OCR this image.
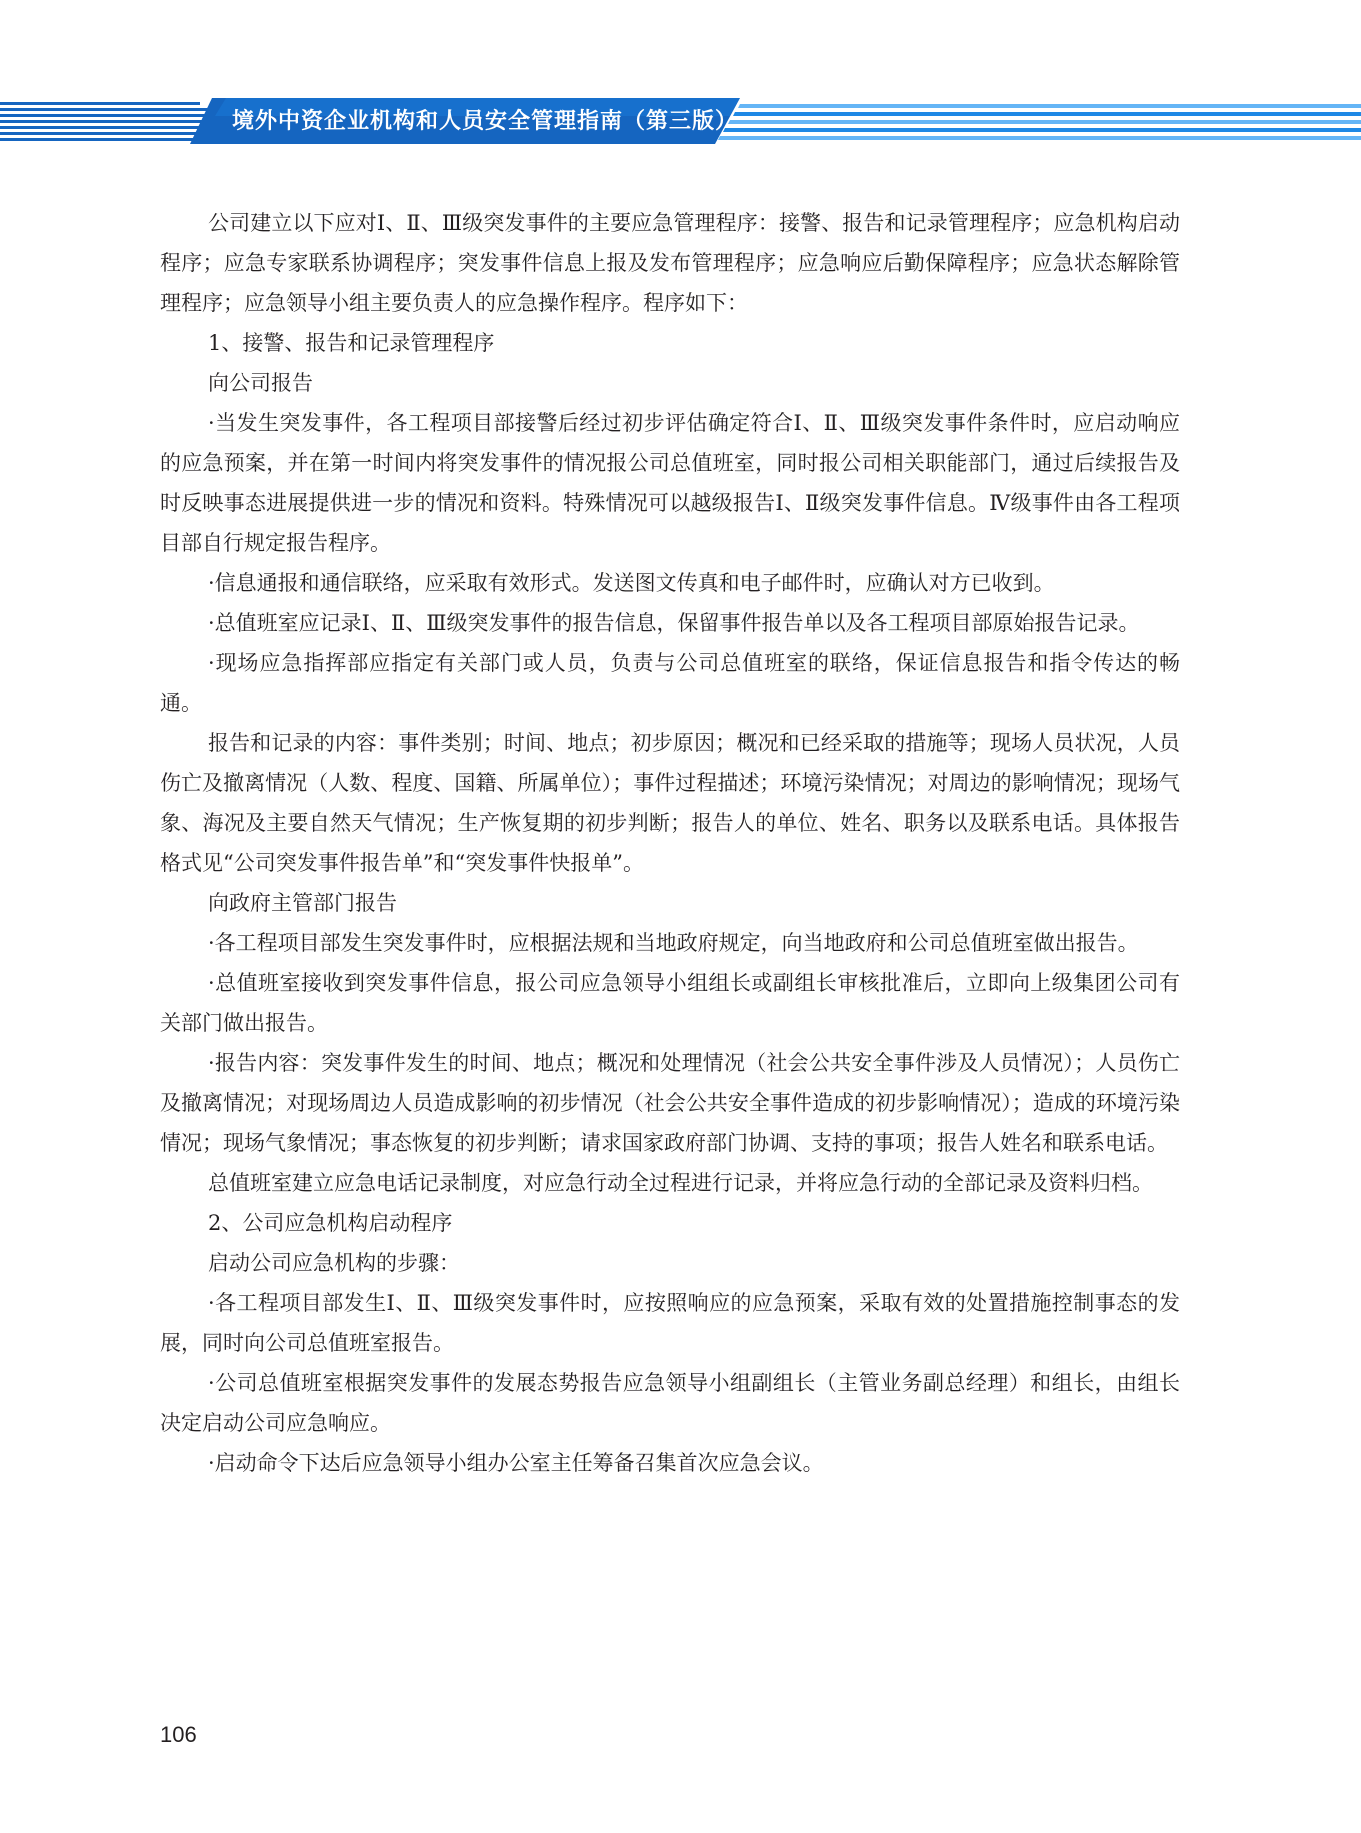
境外中资企业机构和人员安全管理指南（第三版）

公司建立以下应对Ⅰ、Ⅱ、Ⅲ级突发事件的主要应急管理程序：接警、报告和记录管理程序；应急机构启动程序；应急专家联系协调程序；突发事件信息上报及发布管理程序；应急响应后勤保障程序；应急状态解除管理程序；应急领导小组主要负责人的应急操作程序。程序如下：

1、接警、报告和记录管理程序

向公司报告

·当发生突发事件，各工程项目部接警后经过初步评估确定符合Ⅰ、Ⅱ、Ⅲ级突发事件条件时，应启动响应的应急预案，并在第一时间内将突发事件的情况报公司总值班室，同时报公司相关职能部门，通过后续报告及时反映事态进展提供进一步的情况和资料。特殊情况可以越级报告Ⅰ、Ⅱ级突发事件信息。Ⅳ级事件由各工程项目部自行规定报告程序。

·信息通报和通信联络，应采取有效形式。发送图文传真和电子邮件时，应确认对方已收到。

·总值班室应记录Ⅰ、Ⅱ、Ⅲ级突发事件的报告信息，保留事件报告单以及各工程项目部原始报告记录。

·现场应急指挥部应指定有关部门或人员，负责与公司总值班室的联络，保证信息报告和指令传达的畅通。

报告和记录的内容：事件类别；时间、地点；初步原因；概况和已经采取的措施等；现场人员状况，人员伤亡及撤离情况（人数、程度、国籍、所属单位）；事件过程描述；环境污染情况；对周边的影响情况；现场气象、海况及主要自然天气情况；生产恢复期的初步判断；报告人的单位、姓名、职务以及联系电话。具体报告格式见“公司突发事件报告单”和“突发事件快报单”。

向政府主管部门报告

·各工程项目部发生突发事件时，应根据法规和当地政府规定，向当地政府和公司总值班室做出报告。

·总值班室接收到突发事件信息，报公司应急领导小组组长或副组长审核批准后，立即向上级集团公司有关部门做出报告。

·报告内容：突发事件发生的时间、地点；概况和处理情况（社会公共安全事件涉及人员情况）；人员伤亡及撤离情况；对现场周边人员造成影响的初步情况（社会公共安全事件造成的初步影响情况）；造成的环境污染情况；现场气象情况；事态恢复的初步判断；请求国家政府部门协调、支持的事项；报告人姓名和联系电话。

总值班室建立应急电话记录制度，对应急行动全过程进行记录，并将应急行动的全部记录及资料归档。

2、公司应急机构启动程序

启动公司应急机构的步骤：

·各工程项目部发生Ⅰ、Ⅱ、Ⅲ级突发事件时，应按照响应的应急预案，采取有效的处置措施控制事态的发展，同时向公司总值班室报告。

·公司总值班室根据突发事件的发展态势报告应急领导小组副组长（主管业务副总经理）和组长，由组长决定启动公司应急响应。

·启动命令下达后应急领导小组办公室主任筹备召集首次应急会议。

106
